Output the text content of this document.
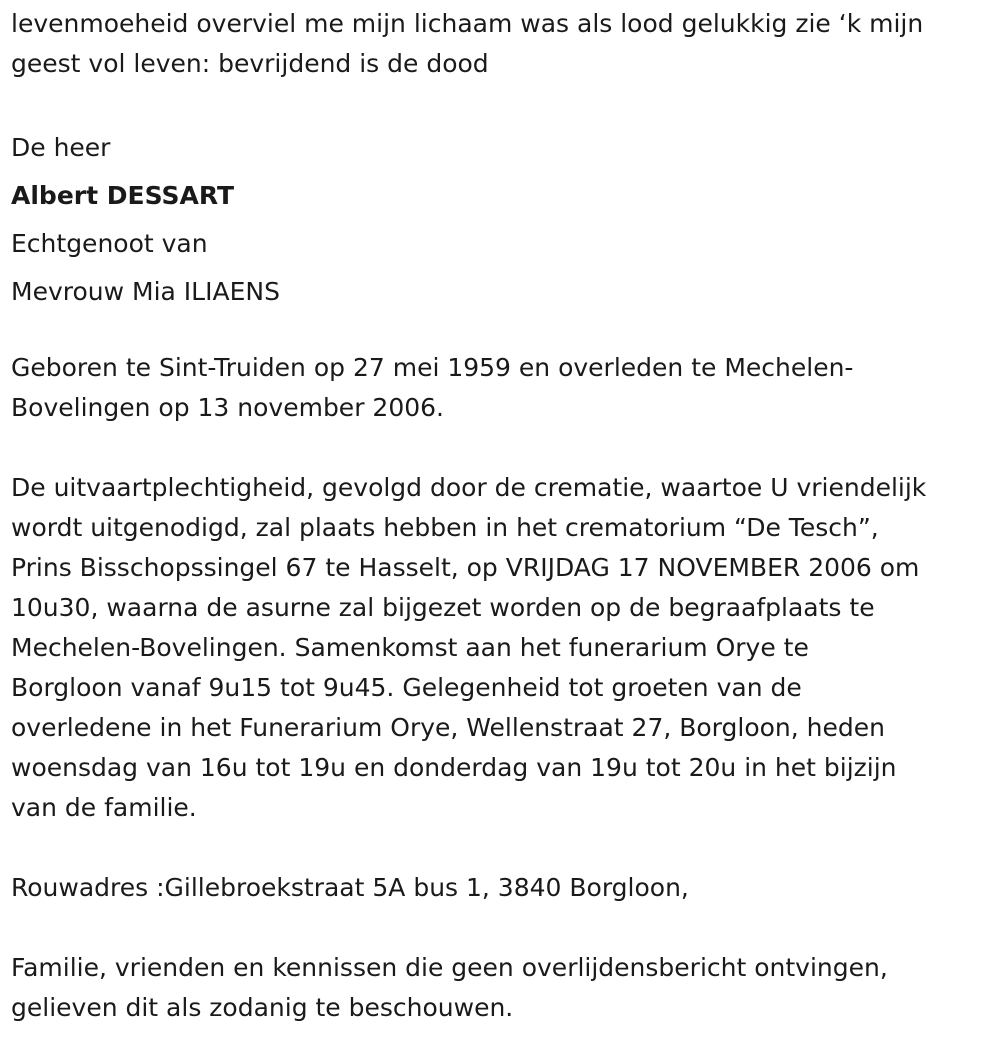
levenmoeheid overviel me mijn lichaam was als lood gelukkig zie ‘k mijn
geest vol leven: bevrijdend is de dood

De heer
Albert DESSART
Echtgenoot van
Mevrouw Mia ILIAENS

Geboren te Sint-Truiden op 27 mei 1959 en overleden te Mechelen-
Bovelingen op 13 november 2006.

De uitvaartplechtigheid, gevolgd door de crematie, waartoe U vriendelijk
wordt uitgenodigd, zal plaats hebben in het crematorium “De Tesch”,
Prins Bisschopssingel 67 te Hasselt, op VRIJDAG 17 NOVEMBER 2006 om
10u30, waarna de asurne zal bijgezet worden op de begraafplaats te
Mechelen-Bovelingen. Samenkomst aan het funerarium Orye te
Borgloon vanaf 9u15 tot 9u45. Gelegenheid tot groeten van de
overledene in het Funerarium Orye, Wellenstraat 27, Borgloon, heden
woensdag van 16u tot 19u en donderdag van 19u tot 20u in het bijzijn
van de familie.

Rouwadres :Gillebroekstraat 5A bus 1, 3840 Borgloon,

Familie, vrienden en kennissen die geen overlijdensbericht ontvingen,
gelieven dit als zodanig te beschouwen.
